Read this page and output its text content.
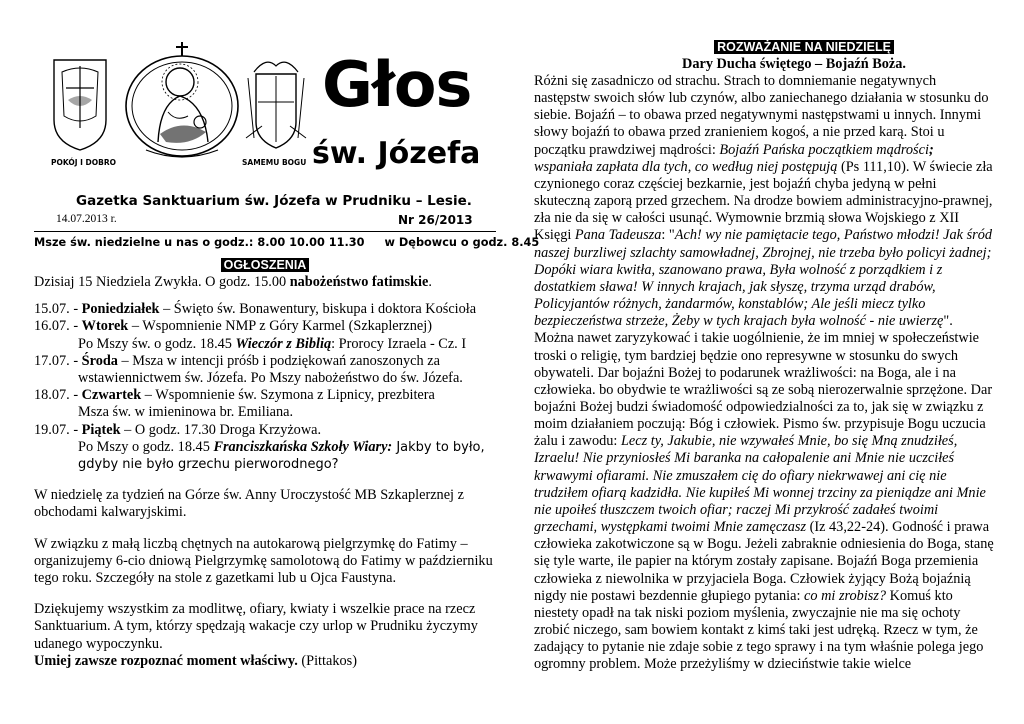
POKÓJ I DOBRO	SAMEMU BOGU
Głos
św. Józefa
Gazetka Sanktuarium św. Józefa w Prudniku – Lesie.
14.07.2013 r.	Nr 26/2013
Msze św. niedzielne u nas o godz.: 8.00 10.00 11.30 w Dębowcu o godz. 8.45
OGŁOSZENIA

Dzisiaj 15 Niedziela Zwykła. O godz. 15.00 nabożeństwo fatimskie.

15.07. - Poniedziałek – Święto św. Bonawentury, biskupa i doktora Kościoła

16.07. - Wtorek – Wspomnienie NMP z Góry Karmel (Szkaplerznej)

Po Mszy św. o godz. 18.45 Wieczór z Biblią: Prorocy Izraela - Cz. I

17.07. - Środa – Msza w intencji próśb i podziękowań zanoszonych za wstawiennictwem św. Józefa. Po Mszy nabożeństwo do św. Józefa.

18.07. - Czwartek – Wspomnienie św. Szymona z Lipnicy, prezbitera

Msza św. w imieninowa br. Emiliana.

19.07. - Piątek – O godz. 17.30 Droga Krzyżowa.

Po Mszy o godz. 18.45 Franciszkańska Szkoły Wiary: Jakby to było, gdyby nie było grzechu pierworodnego?

W niedzielę za tydzień na Górze św. Anny Uroczystość MB Szkaplerznej z obchodami kalwaryjskimi.

W związku z małą liczbą chętnych na autokarową pielgrzymkę do Fatimy – organizujemy 6-cio dniową Pielgrzymkę samolotową do Fatimy w październiku tego roku. Szczegóły na stole z gazetkami lub u Ojca Faustyna.

Dziękujemy wszystkim za modlitwę, ofiary, kwiaty i wszelkie prace na rzecz Sanktuarium. A tym, którzy spędzają wakacje czy urlop w Prudniku życzymy udanego wypoczynku.

Umiej zawsze rozpoznać moment właściwy. (Pittakos)

ROZWAŻANIE NA NIEDZIELĘ
Dary Ducha świętego – Bojaźń Boża.

Różni się zasadniczo od strachu. Strach to domniemanie negatywnych następstw swoich słów lub czynów, albo zaniechanego działania w stosunku do siebie. Bojaźń – to obawa przed negatywnymi następstwami u innych. Innymi słowy bojaźń to obawa przed zranieniem kogoś, a nie przed karą. Stoi u początku prawdziwej mądrości: Bojaźń Pańska początkiem mądrości; wspaniała zapłata dla tych, co według niej postępują (Ps 111,10). W świecie zła czynionego coraz częściej bezkarnie, jest bojaźń chyba jedyną w pełni skuteczną zaporą przed grzechem. Na drodze bowiem administracyjno-prawnej, zła nie da się w całości usunąć. Wymownie brzmią słowa Wojskiego z XII Księgi Pana Tadeusza: "Ach! wy nie pamiętacie tego, Państwo młodzi! Jak śród naszej burzliwej szlachty samowładnej, Zbrojnej, nie trzeba było policyi żadnej; Dopóki wiara kwitła, szanowano prawa, Była wolność z porządkiem i z dostatkiem sława! W innych krajach, jak słyszę, trzyma urząd drabów, Policyjantów różnych, żandarmów, konstablów; Ale jeśli miecz tylko bezpieczeństwa strzeże, Żeby w tych krajach była wolność - nie uwierzę". Można nawet zaryzykować i takie uogólnienie, że im mniej w społeczeństwie troski o religię, tym bardziej będzie ono represywne w stosunku do swych obywateli. Dar bojaźni Bożej to podarunek wrażliwości: na Boga, ale i na człowieka. bo obydwie te wrażliwości są ze sobą nierozerwalnie sprzężone. Dar bojaźni Bożej budzi świadomość odpowiedzialności za to, jak się w związku z moim działaniem poczują: Bóg i człowiek. Pismo św. przypisuje Bogu uczucia żalu i zawodu: Lecz ty, Jakubie, nie wzywałeś Mnie, bo się Mną znudziłeś, Izraelu! Nie przyniosłeś Mi baranka na całopalenie ani Mnie nie uczciłeś krwawymi ofiarami. Nie zmuszałem cię do ofiary niekrwawej ani cię nie trudziłem ofiarą kadzidła. Nie kupiłeś Mi wonnej trzciny za pieniądze ani Mnie nie upoiłeś tłuszczem twoich ofiar; raczej Mi przykrość zadałeś twoimi grzechami, występkami twoimi Mnie zamęczasz (Iz 43,22-24). Godność i prawa człowieka zakotwiczone są w Bogu. Jeżeli zabraknie odniesienia do Boga, stanę się tyle warte, ile papier na którym zostały zapisane. Bojaźń Boga przemienia człowieka z niewolnika w przyjaciela Boga. Człowiek żyjący Bożą bojaźnią nigdy nie postawi bezdennie głupiego pytania: co mi zrobisz? Komuś kto niestety opadł na tak niski poziom myślenia, zwyczajnie nie ma się ochoty zrobić niczego, sam bowiem kontakt z kimś taki jest udręką. Rzecz w tym, że zadający to pytanie nie zdaje sobie z tego sprawy i na tym właśnie polega jego ogromny problem. Może przeżyliśmy w dzieciństwie takie wielce
